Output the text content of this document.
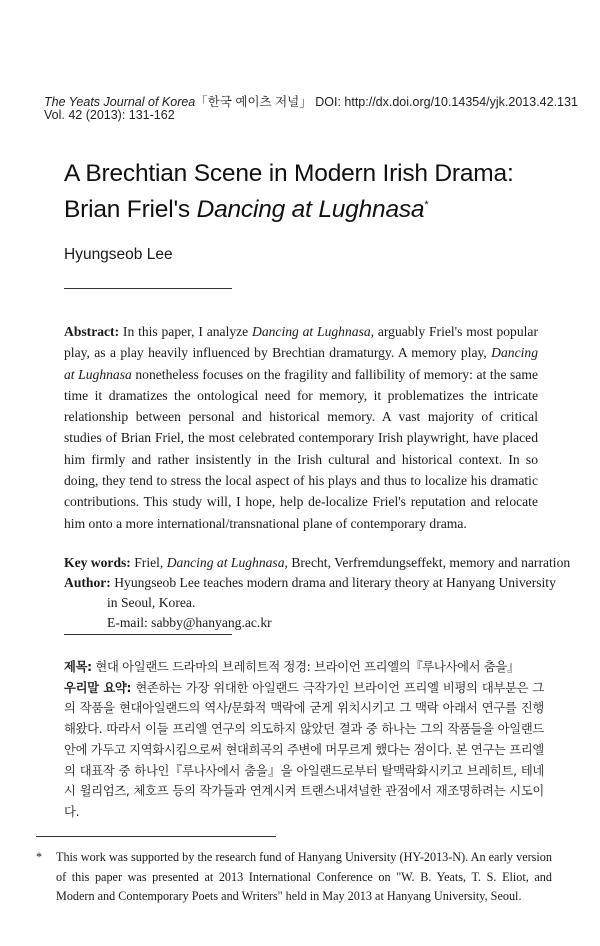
The Yeats Journal of Korea「한국 예이츠 저널」 DOI: http://dx.doi.org/10.14354/yjk.2013.42.131
Vol. 42 (2013): 131-162
A Brechtian Scene in Modern Irish Drama:
Brian Friel's Dancing at Lughnasa*
Hyungseob Lee
Abstract: In this paper, I analyze Dancing at Lughnasa, arguably Friel's most popular play, as a play heavily influenced by Brechtian dramaturgy. A memory play, Dancing at Lughnasa nonetheless focuses on the fragility and fallibility of memory: at the same time it dramatizes the ontological need for memory, it problematizes the intricate relationship between personal and historical memory. A vast majority of critical studies of Brian Friel, the most celebrated contemporary Irish playwright, have placed him firmly and rather insistently in the Irish cultural and historical context. In so doing, they tend to stress the local aspect of his plays and thus to localize his dramatic contributions. This study will, I hope, help de-localize Friel's reputation and relocate him onto a more international/transnational plane of contemporary drama.
Key words: Friel, Dancing at Lughnasa, Brecht, Verfremdungseffekt, memory and narration
Author: Hyungseob Lee teaches modern drama and literary theory at Hanyang University
in Seoul, Korea.
E-mail: sabby@hanyang.ac.kr
제목: 현대 아일랜드 드라마의 브레히트적 정경: 브라이언 프리엘의『루나사에서 춤을』
우리말 요약: 현존하는 가장 위대한 아일랜드 극작가인 브라이언 프리엘 비평의 대부분은 그의 작품을 현대아일랜드의 역사/문화적 맥락에 굳게 위치시키고 그 맥락 아래서 연구를 진행해왔다. 따라서 이들 프리엘 연구의 의도하지 않았던 결과 중 하나는 그의 작품들을 아일랜드 안에 가두고 지역화시킴으로써 현대희곡의 주변에 머무르게 했다는 점이다. 본 연구는 프리엘의 대표작 중 하나인『루나사에서 춤을』을 아일랜드로부터 탈맥락화시키고 브레히트, 테네시 윌리엄즈, 체호프 등의 작가들과 연계시켜 트랜스내셔널한 관점에서 재조명하려는 시도이다.
*	This work was supported by the research fund of Hanyang University (HY-2013-N). An early version of this paper was presented at 2013 International Conference on "W. B. Yeats, T. S. Eliot, and Modern and Contemporary Poets and Writers" held in May 2013 at Hanyang University, Seoul.
